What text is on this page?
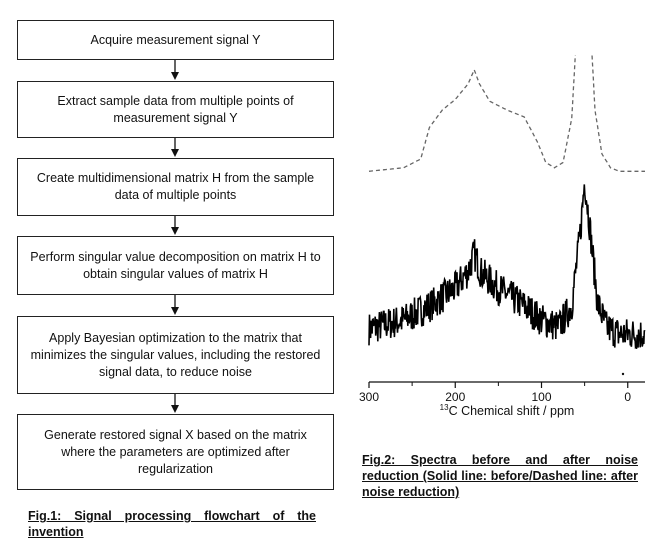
Acquire measurement signal Y
Extract sample data from multiple points of measurement signal Y
Create multidimensional matrix H from the sample data of multiple points
Perform singular value decomposition on matrix H to obtain singular values of matrix H
Apply Bayesian optimization to the matrix that minimizes the singular values, including the restored signal data, to reduce noise
Generate restored signal X based on the matrix where the parameters are optimized after regularization
Fig.1: Signal processing flowchart of the invention
300	200	100	0
$^{13}$C Chemical shift / ppm
Fig.2: Spectra before and after noise reduction (Solid line: before/Dashed line: after noise reduction)
